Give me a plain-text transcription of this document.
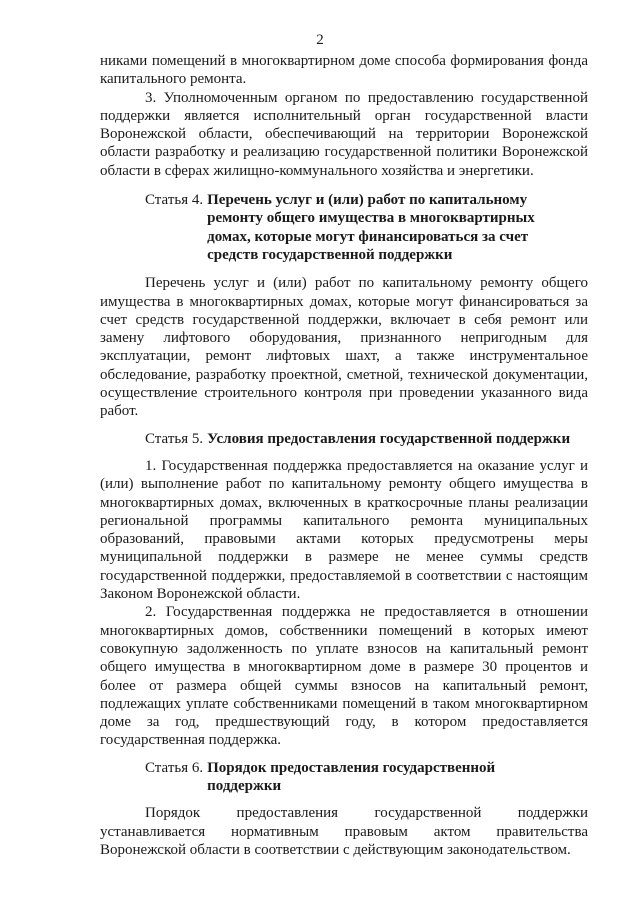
2

никами помещений в многоквартирном доме способа формирования фонда капитального ремонта.

3. Уполномоченным органом по предоставлению государственной поддержки является исполнительный орган государственной власти Воронежской области, обеспечивающий на территории Воронежской области разработку и реализацию государственной политики Воронежской области в сферах жилищно-коммунального хозяйства и энергетики.

Статья 4. Перечень услуг и (или) работ по капитальному ремонту общего имущества в многоквартирных домах, которые могут финансироваться за счет средств государственной поддержки

Перечень услуг и (или) работ по капитальному ремонту общего имущества в многоквартирных домах, которые могут финансироваться за счет средств государственной поддержки, включает в себя ремонт или замену лифтового оборудования, признанного непригодным для эксплуатации, ремонт лифтовых шахт, а также инструментальное обследование, разработку проектной, сметной, технической документации, осуществление строительного контроля при проведении указанного вида работ.

Статья 5. Условия предоставления государственной поддержки

1. Государственная поддержка предоставляется на оказание услуг и (или) выполнение работ по капитальному ремонту общего имущества в многоквартирных домах, включенных в краткосрочные планы реализации региональной программы капитального ремонта муниципальных образований, правовыми актами которых предусмотрены меры муниципальной поддержки в размере не менее суммы средств государственной поддержки, предоставляемой в соответствии с настоящим Законом Воронежской области.

2. Государственная поддержка не предоставляется в отношении многоквартирных домов, собственники помещений в которых имеют совокупную задолженность по уплате взносов на капитальный ремонт общего имущества в многоквартирном доме в размере 30 процентов и более от размера общей суммы взносов на капитальный ремонт, подлежащих уплате собственниками помещений в таком многоквартирном доме за год, предшествующий году, в котором предоставляется государственная поддержка.

Статья 6. Порядок предоставления государственной поддержки

Порядок предоставления государственной поддержки устанавливается нормативным правовым актом правительства Воронежской области в соответствии с действующим законодательством.
